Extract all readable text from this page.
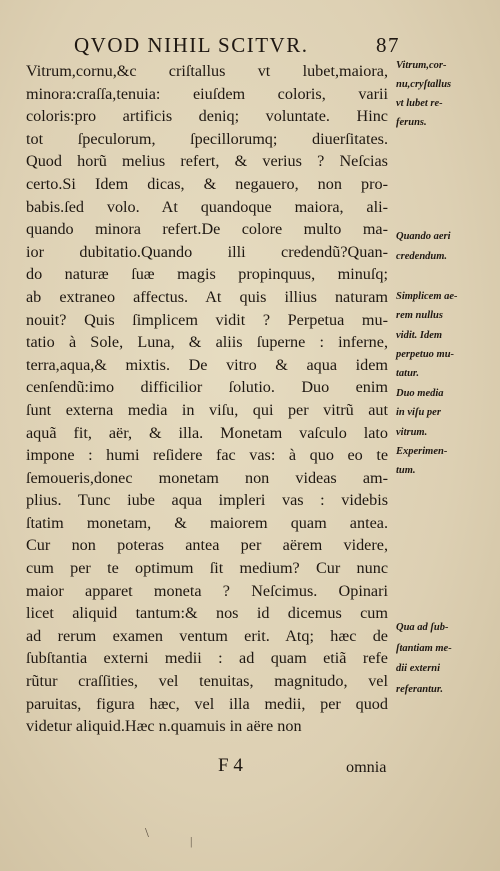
QVOD NIHIL SCITVR.	87
Vitrum,cornu,&c criſtallus vt lubet,maiora,
minora:craſſa,tenuia: eiuſdem coloris, varii
coloris:pro artificis deniq; voluntate. Hinc
tot ſpeculorum, ſpecillorumq; diuerſitates.
Quod horũ melius refert, & verius ? Neſcias
certo.Si Idem dicas, & negauero, non pro-
babis.ſed volo. At quandoque maiora, ali-
quando minora refert.De colore multo ma-
ior dubitatio.Quando illi credendũ?Quan-
do naturæ ſuæ magis propinquus, minuſq;
ab extraneo affectus. At quis illius naturam
nouit? Quis ſimplicem vidit ? Perpetua mu-
tatio à Sole, Luna, & aliis ſuperne : inferne,
terra,aqua,& mixtis. De vitro & aqua idem
cenſendũ:imo difficilior ſolutio. Duo enim
ſunt externa media in viſu, qui per vitrũ aut
aquã fit, aër, & illa. Monetam vaſculo lato
impone : humi reſidere fac vas: à quo eo te
ſemoueris,donec monetam non videas am-
plius. Tunc iube aqua impleri vas : videbis
ſtatim monetam, & maiorem quam antea.
Cur non poteras antea per aërem videre,
cum per te optimum ſit medium? Cur nunc
maior apparet moneta ? Neſcimus. Opinari
licet aliquid tantum:& nos id dicemus cum
ad rerum examen ventum erit. Atq; hæc de
ſubſtantia externi medii : ad quam etiã refe
rũtur craſſities, vel tenuitas, magnitudo, vel
paruitas, figura hæc, vel illa medii, per quod
videtur aliquid.Hæc n.quamuis in aëre non
Vitrum,cor-
nu,cryſtallus
vt lubet re-
feruns.
Quando aeri
credendum.
Simplicem ae-
rem nullus
vidit. Idem
perpetuo mu-
tatur.
Duo media
in viſu per
vitrum.
Experimen-
tum.
Qua ad ſub-
ſtantiam me-
dii externi
referantur.
F 4	omnia
\	|
